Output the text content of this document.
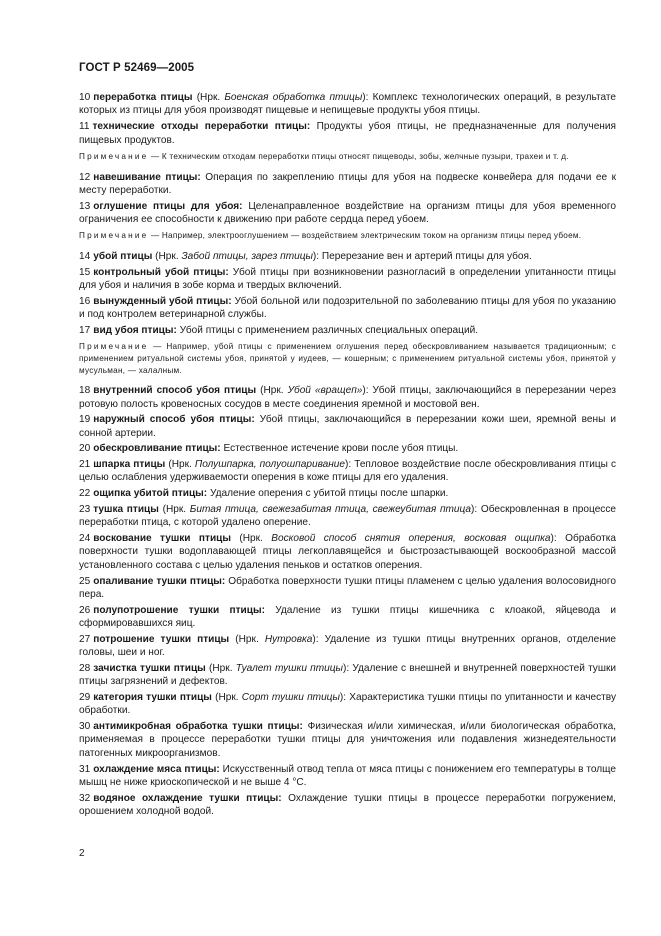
ГОСТ Р 52469—2005
10 переработка птицы (Нрк. Боенская обработка птицы): Комплекс технологических операций, в результате которых из птицы для убоя производят пищевые и непищевые продукты убоя птицы.
11 технические отходы переработки птицы: Продукты убоя птицы, не предназначенные для получения пищевых продуктов.
Примечание — К техническим отходам переработки птицы относят пищеводы, зобы, желчные пузыри, трахеи и т. д.
12 навешивание птицы: Операция по закреплению птицы для убоя на подвеске конвейера для подачи ее к месту переработки.
13 оглушение птицы для убоя: Целенаправленное воздействие на организм птицы для убоя временного ограничения ее способности к движению при работе сердца перед убоем.
Примечание — Например, электрооглушением — воздействием электрическим током на организм птицы перед убоем.
14 убой птицы (Нрк. Забой птицы, зарез птицы): Перерезание вен и артерий птицы для убоя.
15 контрольный убой птицы: Убой птицы при возникновении разногласий в определении упитанности птицы для убоя и наличия в зобе корма и твердых включений.
16 вынужденный убой птицы: Убой больной или подозрительной по заболеванию птицы для убоя по указанию и под контролем ветеринарной службы.
17 вид убоя птицы: Убой птицы с применением различных специальных операций.
Примечание — Например, убой птицы с применением оглушения перед обескровливанием называется традиционным; с применением ритуальной системы убоя, принятой у иудеев, — кошерным; с применением ритуальной системы убоя, принятой у мусульман, — халалным.
18 внутренний способ убоя птицы (Нрк. Убой «вращеп»): Убой птицы, заключающийся в перерезании через ротовую полость кровеносных сосудов в месте соединения яремной и мостовой вен.
19 наружный способ убоя птицы: Убой птицы, заключающийся в перерезании кожи шеи, яремной вены и сонной артерии.
20 обескровливание птицы: Естественное истечение крови после убоя птицы.
21 шпарка птицы (Нрк. Полушпарка, полуошпаривание): Тепловое воздействие после обескровливания птицы с целью ослабления удерживаемости оперения в коже птицы для его удаления.
22 ощипка убитой птицы: Удаление оперения с убитой птицы после шпарки.
23 тушка птицы (Нрк. Битая птица, свежезабитая птица, свежеубитая птица): Обескровленная в процессе переработки птица, с которой удалено оперение.
24 воскование тушки птицы (Нрк. Восковой способ снятия оперения, восковая ощипка): Обработка поверхности тушки водоплавающей птицы легкоплавящейся и быстрозастывающей воскообразной массой установленного состава с целью удаления пеньков и остатков оперения.
25 опаливание тушки птицы: Обработка поверхности тушки птицы пламенем с целью удаления волосовидного пера.
26 полупотрошение тушки птицы: Удаление из тушки птицы кишечника с клоакой, яйцевода и сформировавшихся яиц.
27 потрошение тушки птицы (Нрк. Нутровка): Удаление из тушки птицы внутренних органов, отделение головы, шеи и ног.
28 зачистка тушки птицы (Нрк. Туалет тушки птицы): Удаление с внешней и внутренней поверхностей тушки птицы загрязнений и дефектов.
29 категория тушки птицы (Нрк. Сорт тушки птицы): Характеристика тушки птицы по упитанности и качеству обработки.
30 антимикробная обработка тушки птицы: Физическая и/или химическая, и/или биологическая обработка, применяемая в процессе переработки тушки птицы для уничтожения или подавления жизнедеятельности патогенных микроорганизмов.
31 охлаждение мяса птицы: Искусственный отвод тепла от мяса птицы с понижением его температуры в толще мышц не ниже криоскопической и не выше 4 °С.
32 водяное охлаждение тушки птицы: Охлаждение тушки птицы в процессе переработки погружением, орошением холодной водой.
2
